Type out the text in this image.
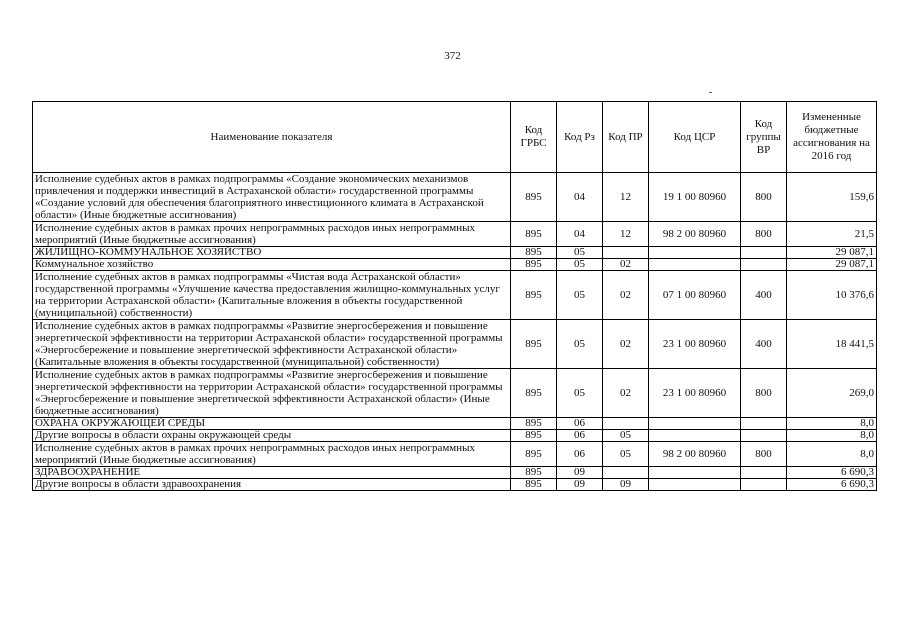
372
Наименование показателя	Код ГРБС	Код Рз	Код ПР	Код ЦСР	Код группы ВР	Измененные бюджетные ассигнования на 2016 год
Исполнение судебных актов в рамках подпрограммы «Создание экономических механизмов привлечения и поддержки инвестиций в Астраханской области» государственной программы «Создание условий для обеспечения благоприятного инвестиционного климата в Астраханской области» (Иные бюджетные ассигнования)	895	04	12	19 1 00 80960	800	159,6
Исполнение судебных актов в рамках прочих непрограммных расходов иных непрограммных мероприятий (Иные бюджетные ассигнования)	895	04	12	98 2 00 80960	800	21,5
ЖИЛИЩНО-КОММУНАЛЬНОЕ ХОЗЯЙСТВО	895	05				29 087,1
Коммунальное хозяйство	895	05	02			29 087,1
Исполнение судебных актов в рамках подпрограммы «Чистая вода Астраханской области» государственной программы «Улучшение качества предоставления жилищно-коммунальных услуг на территории Астраханской области» (Капитальные вложения в объекты государственной (муниципальной) собственности)	895	05	02	07 1 00 80960	400	10 376,6
Исполнение судебных актов в рамках подпрограммы «Развитие энергосбережения и повышение энергетической эффективности на территории Астраханской области» государственной программы «Энергосбережение и повышение энергетической эффективности Астраханской области» (Капитальные вложения в объекты государственной (муниципальной) собственности)	895	05	02	23 1 00 80960	400	18 441,5
Исполнение судебных актов в рамках подпрограммы «Развитие энергосбережения и повышение энергетической эффективности на территории Астраханской области» государственной программы «Энергосбережение и повышение энергетической эффективности Астраханской области» (Иные бюджетные ассигнования)	895	05	02	23 1 00 80960	800	269,0
ОХРАНА ОКРУЖАЮЩЕЙ СРЕДЫ	895	06				8,0
Другие вопросы в области охраны окружающей среды	895	06	05			8,0
Исполнение судебных актов в рамках прочих непрограммных расходов иных непрограммных мероприятий (Иные бюджетные ассигнования)	895	06	05	98 2 00 80960	800	8,0
ЗДРАВООХРАНЕНИЕ	895	09				6 690,3
Другие вопросы в области здравоохранения	895	09	09			6 690,3
